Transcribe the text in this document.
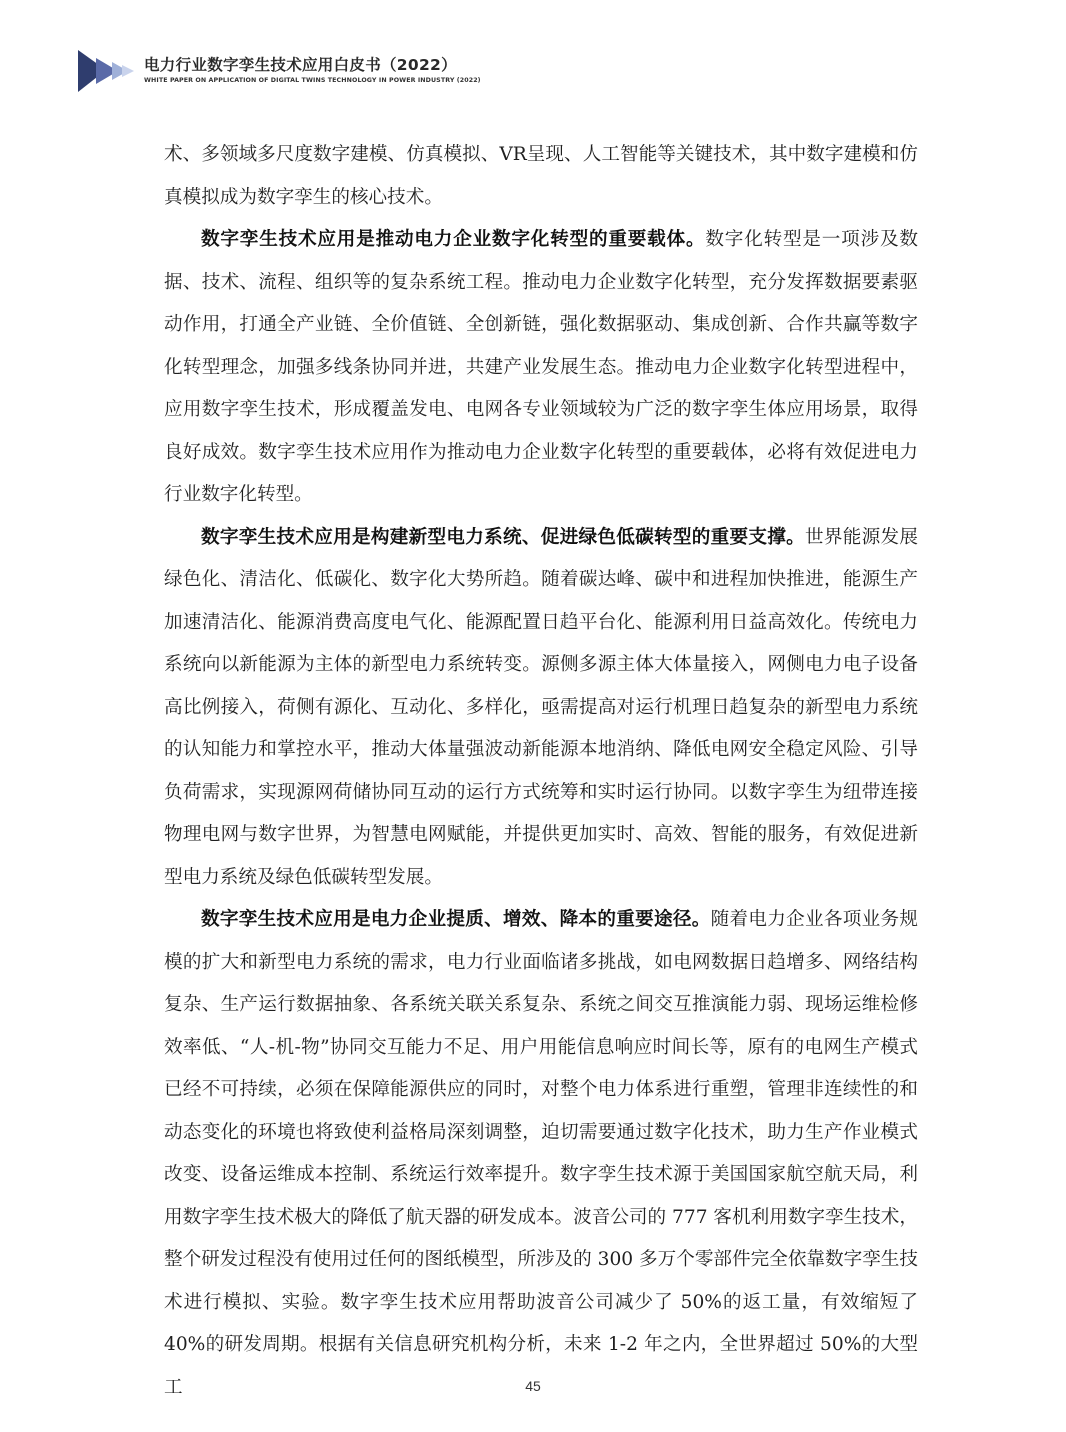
电力行业数字孪生技术应用白皮书（2022）
WHITE PAPER ON APPLICATION OF DIGITAL TWINS TECHNOLOGY IN POWER INDUSTRY (2022)

术、多领域多尺度数字建模、仿真模拟、VR呈现、人工智能等关键技术，其中数字建模和仿真模拟成为数字孪生的核心技术。

数字孪生技术应用是推动电力企业数字化转型的重要载体。数字化转型是一项涉及数据、技术、流程、组织等的复杂系统工程。推动电力企业数字化转型，充分发挥数据要素驱动作用，打通全产业链、全价值链、全创新链，强化数据驱动、集成创新、合作共赢等数字化转型理念，加强多线条协同并进，共建产业发展生态。推动电力企业数字化转型进程中，应用数字孪生技术，形成覆盖发电、电网各专业领域较为广泛的数字孪生体应用场景，取得良好成效。数字孪生技术应用作为推动电力企业数字化转型的重要载体，必将有效促进电力行业数字化转型。

数字孪生技术应用是构建新型电力系统、促进绿色低碳转型的重要支撑。世界能源发展绿色化、清洁化、低碳化、数字化大势所趋。随着碳达峰、碳中和进程加快推进，能源生产加速清洁化、能源消费高度电气化、能源配置日趋平台化、能源利用日益高效化。传统电力系统向以新能源为主体的新型电力系统转变。源侧多源主体大体量接入，网侧电力电子设备高比例接入，荷侧有源化、互动化、多样化，亟需提高对运行机理日趋复杂的新型电力系统的认知能力和掌控水平，推动大体量强波动新能源本地消纳、降低电网安全稳定风险、引导负荷需求，实现源网荷储协同互动的运行方式统筹和实时运行协同。以数字孪生为纽带连接物理电网与数字世界，为智慧电网赋能，并提供更加实时、高效、智能的服务，有效促进新型电力系统及绿色低碳转型发展。

数字孪生技术应用是电力企业提质、增效、降本的重要途径。随着电力企业各项业务规模的扩大和新型电力系统的需求，电力行业面临诸多挑战，如电网数据日趋增多、网络结构复杂、生产运行数据抽象、各系统关联关系复杂、系统之间交互推演能力弱、现场运维检修效率低、“人-机-物”协同交互能力不足、用户用能信息响应时间长等，原有的电网生产模式已经不可持续，必须在保障能源供应的同时，对整个电力体系进行重塑，管理非连续性的和动态变化的环境也将致使利益格局深刻调整，迫切需要通过数字化技术，助力生产作业模式改变、设备运维成本控制、系统运行效率提升。数字孪生技术源于美国国家航空航天局，利用数字孪生技术极大的降低了航天器的研发成本。波音公司的 777 客机利用数字孪生技术，整个研发过程没有使用过任何的图纸模型，所涉及的 300 多万个零部件完全依靠数字孪生技术进行模拟、实验。数字孪生技术应用帮助波音公司减少了 50%的返工量，有效缩短了 40%的研发周期。根据有关信息研究机构分析，未来 1-2 年之内，全世界超过 50%的大型工	45
